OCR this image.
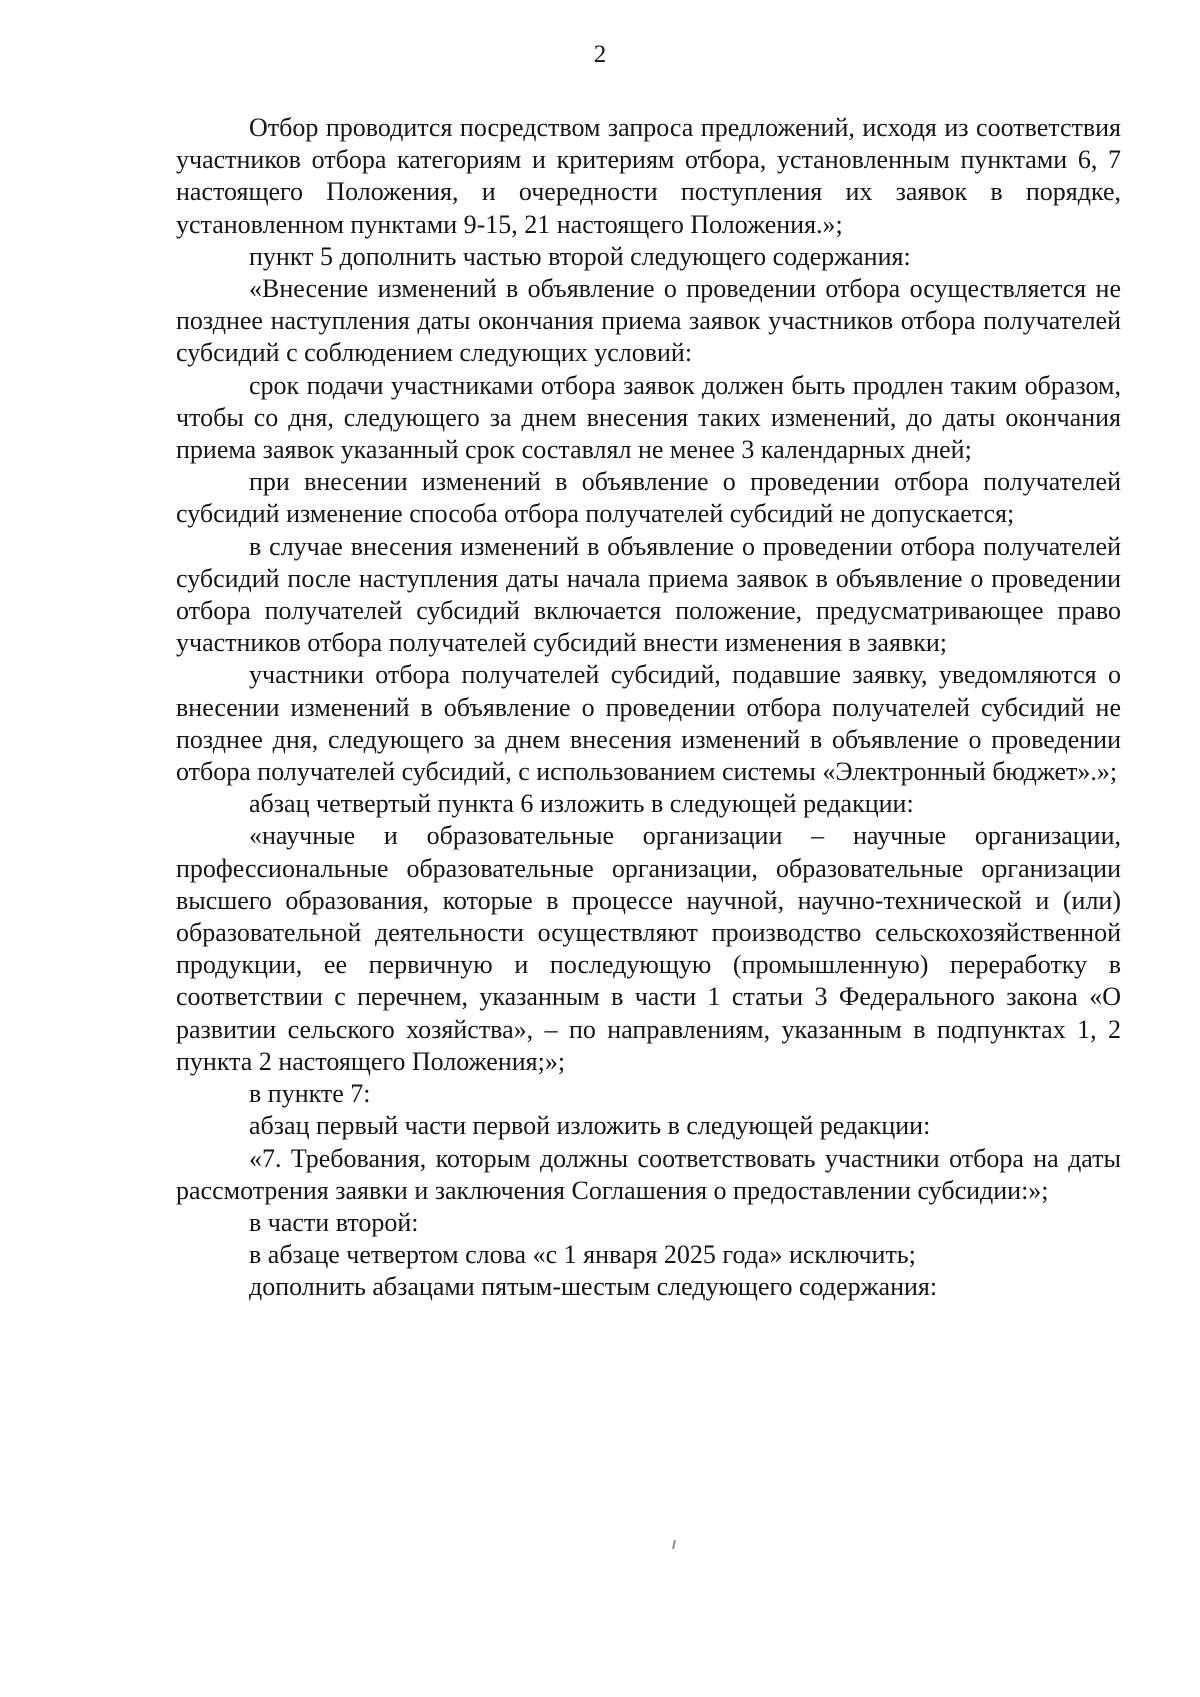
2

Отбор проводится посредством запроса предложений, исходя из соответствия участников отбора категориям и критериям отбора, установленным пунктами 6, 7 настоящего Положения, и очередности поступления их заявок в порядке, установленном пунктами 9-15, 21 настоящего Положения.»;

пункт 5 дополнить частью второй следующего содержания:

«Внесение изменений в объявление о проведении отбора осуществляется не позднее наступления даты окончания приема заявок участников отбора получателей субсидий с соблюдением следующих условий:

срок подачи участниками отбора заявок должен быть продлен таким образом, чтобы со дня, следующего за днем внесения таких изменений, до даты окончания приема заявок указанный срок составлял не менее 3 календарных дней;

при внесении изменений в объявление о проведении отбора получателей субсидий изменение способа отбора получателей субсидий не допускается;

в случае внесения изменений в объявление о проведении отбора получателей субсидий после наступления даты начала приема заявок в объявление о проведении отбора получателей субсидий включается положение, предусматривающее право участников отбора получателей субсидий внести изменения в заявки;

участники отбора получателей субсидий, подавшие заявку, уведомляются о внесении изменений в объявление о проведении отбора получателей субсидий не позднее дня, следующего за днем внесения изменений в объявление о проведении отбора получателей субсидий, с использованием системы «Электронный бюджет».»;

абзац четвертый пункта 6 изложить в следующей редакции:

«научные и образовательные организации – научные организации, профессиональные образовательные организации, образовательные организации высшего образования, которые в процессе научной, научно-технической и (или) образовательной деятельности осуществляют производство сельскохозяйственной продукции, ее первичную и последующую (промышленную) переработку в соответствии с перечнем, указанным в части 1 статьи 3 Федерального закона «О развитии сельского хозяйства», – по направлениям, указанным в подпунктах 1, 2 пункта 2 настоящего Положения;»;

в пункте 7:

абзац первый части первой изложить в следующей редакции:

«7. Требования, которым должны соответствовать участники отбора на даты рассмотрения заявки и заключения Соглашения о предоставлении субсидии:»;

в части второй:

в абзаце четвертом слова «с 1 января 2025 года» исключить;

дополнить абзацами пятым-шестым следующего содержания:
